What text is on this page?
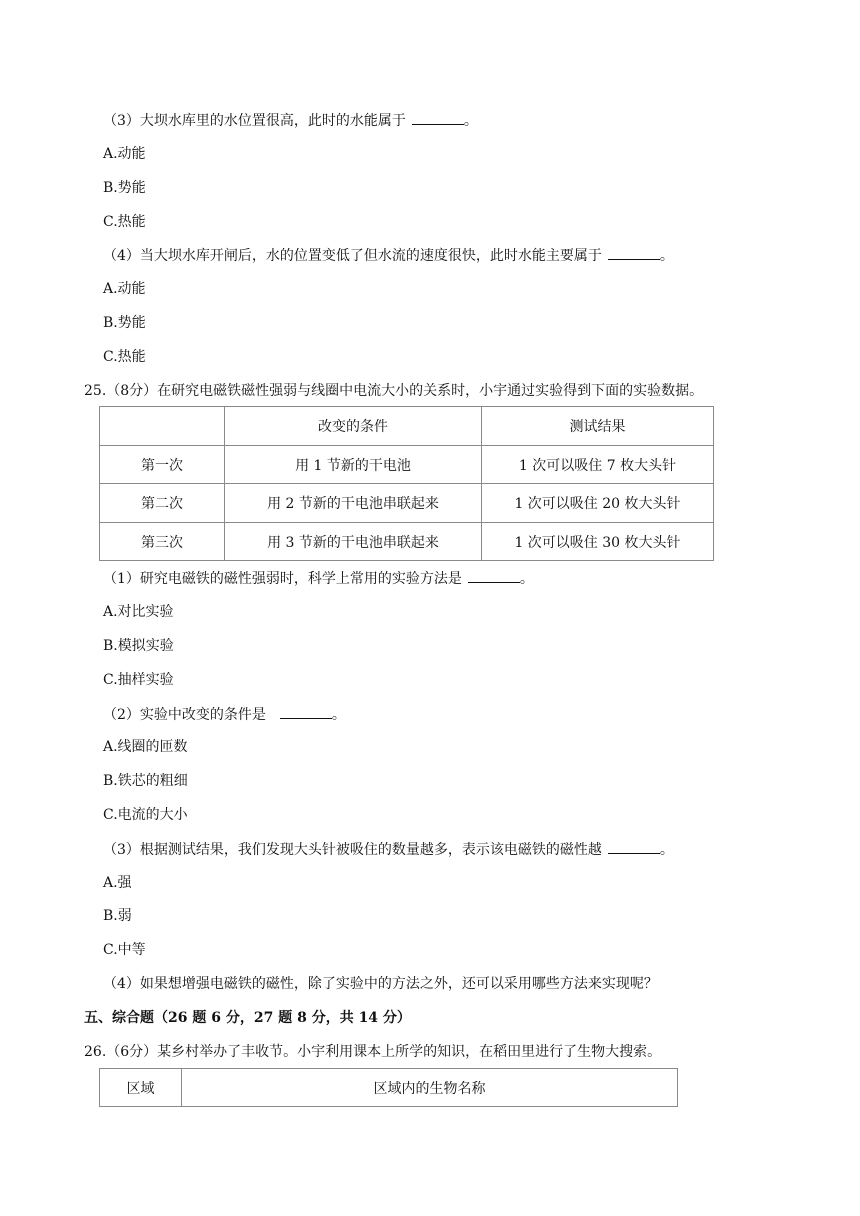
（3）大坝水库里的水位置很高，此时的水能属于	。
A.动能
B.势能
C.热能
（4）当大坝水库开闸后，水的位置变低了但水流的速度很快，此时水能主要属于	。
A.动能
B.势能
C.热能
25.（8分）在研究电磁铁磁性强弱与线圈中电流大小的关系时，小宇通过实验得到下面的实验数据。
	改变的条件	测试结果
第一次	用 1 节新的干电池	1 次可以吸住 7 枚大头针
第二次	用 2 节新的干电池串联起来	1 次可以吸住 20 枚大头针
第三次	用 3 节新的干电池串联起来	1 次可以吸住 30 枚大头针
（1）研究电磁铁的磁性强弱时，科学上常用的实验方法是	。
A.对比实验
B.模拟实验
C.抽样实验
（2）实验中改变的条件是	。
A.线圈的匝数
B.铁芯的粗细
C.电流的大小
（3）根据测试结果，我们发现大头针被吸住的数量越多，表示该电磁铁的磁性越	。
A.强
B.弱
C.中等
（4）如果想增强电磁铁的磁性，除了实验中的方法之外，还可以采用哪些方法来实现呢？
五、综合题（26 题 6 分，27 题 8 分，共 14 分）
26.（6分）某乡村举办了丰收节。小宇利用课本上所学的知识，在稻田里进行了生物大搜索。
区域	区域内的生物名称
